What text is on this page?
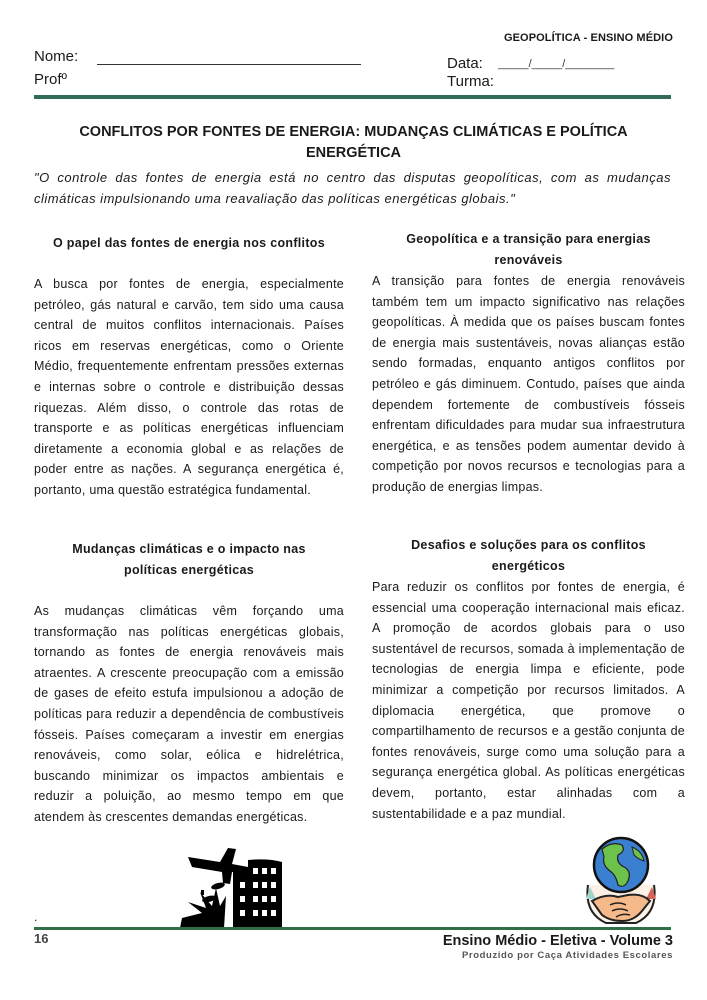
GEOPOLÍTICA - ENSINO MÉDIO
Nome:
Profº
Data: _____/_____/________
Turma:
CONFLITOS POR FONTES DE ENERGIA: MUDANÇAS CLIMÁTICAS E POLÍTICA ENERGÉTICA
"O controle das fontes de energia está no centro das disputas geopolíticas, com as mudanças climáticas impulsionando uma reavaliação das políticas energéticas globais."
O papel das fontes de energia nos conflitos

A busca por fontes de energia, especialmente petróleo, gás natural e carvão, tem sido uma causa central de muitos conflitos internacionais. Países ricos em reservas energéticas, como o Oriente Médio, frequentemente enfrentam pressões externas e internas sobre o controle e distribuição dessas riquezas. Além disso, o controle das rotas de transporte e as políticas energéticas influenciam diretamente a economia global e as relações de poder entre as nações. A segurança energética é, portanto, uma questão estratégica fundamental.

Mudanças climáticas e o impacto nas políticas energéticas

As mudanças climáticas vêm forçando uma transformação nas políticas energéticas globais, tornando as fontes de energia renováveis mais atraentes. A crescente preocupação com a emissão de gases de efeito estufa impulsionou a adoção de políticas para reduzir a dependência de combustíveis fósseis. Países começaram a investir em energias renováveis, como solar, eólica e hidrelétrica, buscando minimizar os impactos ambientais e reduzir a poluição, ao mesmo tempo em que atendem às crescentes demandas energéticas.

Geopolítica e a transição para energias renováveis

A transição para fontes de energia renováveis também tem um impacto significativo nas relações geopolíticas. À medida que os países buscam fontes de energia mais sustentáveis, novas alianças estão sendo formadas, enquanto antigos conflitos por petróleo e gás diminuem. Contudo, países que ainda dependem fortemente de combustíveis fósseis enfrentam dificuldades para mudar sua infraestrutura energética, e as tensões podem aumentar devido à competição por novos recursos e tecnologias para a produção de energias limpas.

Desafios e soluções para os conflitos energéticos

Para reduzir os conflitos por fontes de energia, é essencial uma cooperação internacional mais eficaz. A promoção de acordos globais para o uso sustentável de recursos, somada à implementação de tecnologias de energia limpa e eficiente, pode minimizar a competição por recursos limitados. A diplomacia energética, que promove o compartilhamento de recursos e a gestão conjunta de fontes renováveis, surge como uma solução para a segurança energética global. As políticas energéticas devem, portanto, estar alinhadas com a sustentabilidade e a paz mundial.

.
16	Ensino Médio - Eletiva - Volume 3
Produzido por Caça Atividades Escolares
